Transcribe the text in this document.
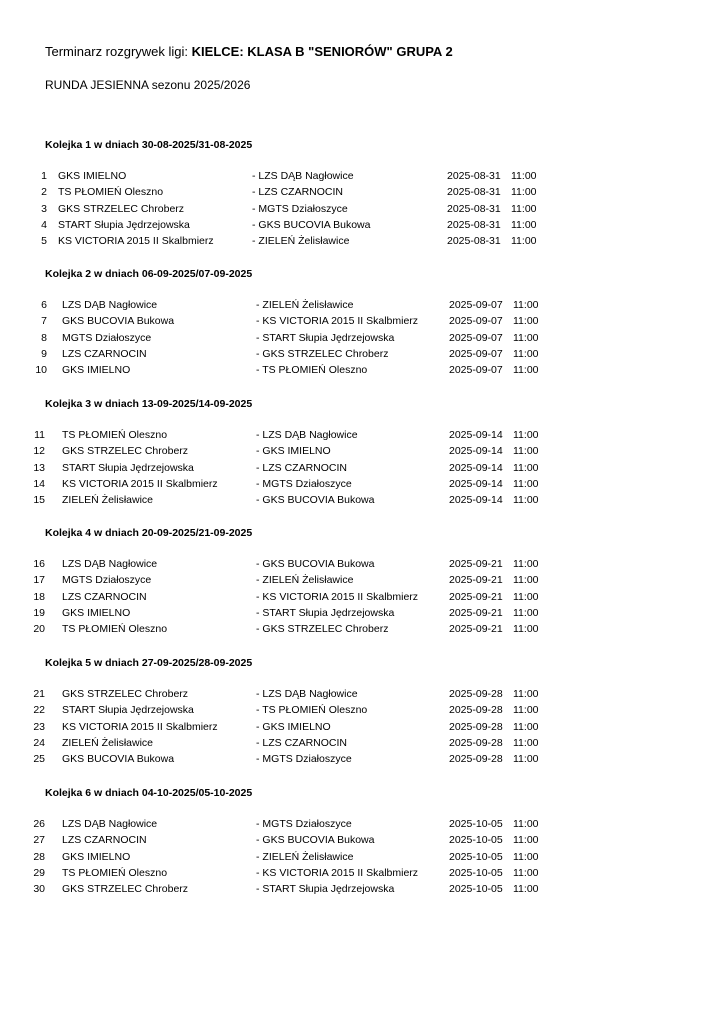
Terminarz rozgrywek ligi: KIELCE: KLASA B "SENIORÓW" GRUPA 2
RUNDA JESIENNA sezonu 2025/2026
Kolejka 1 w dniach 30-08-2025/31-08-2025
1 GKS IMIELNO	- LZS DĄB Nagłowice	2025-08-31 11:00
2 TS PŁOMIEŃ Oleszno	- LZS CZARNOCIN	2025-08-31 11:00
3 GKS STRZELEC Chroberz	- MGTS Działoszyce	2025-08-31 11:00
4 START Słupia Jędrzejowska	- GKS BUCOVIA Bukowa	2025-08-31 11:00
5 KS VICTORIA 2015 II Skalbmierz	- ZIELEŃ Żelisławice	2025-08-31 11:00
Kolejka 2 w dniach 06-09-2025/07-09-2025
6 LZS DĄB Nagłowice	- ZIELEŃ Żelisławice	2025-09-07 11:00
7 GKS BUCOVIA Bukowa	- KS VICTORIA 2015 II Skalbmierz	2025-09-07 11:00
8 MGTS Działoszyce	- START Słupia Jędrzejowska	2025-09-07 11:00
9 LZS CZARNOCIN	- GKS STRZELEC Chroberz	2025-09-07 11:00
10 GKS IMIELNO	- TS PŁOMIEŃ Oleszno	2025-09-07 11:00
Kolejka 3 w dniach 13-09-2025/14-09-2025
11 TS PŁOMIEŃ Oleszno	- LZS DĄB Nagłowice	2025-09-14 11:00
12 GKS STRZELEC Chroberz	- GKS IMIELNO	2025-09-14 11:00
13 START Słupia Jędrzejowska	- LZS CZARNOCIN	2025-09-14 11:00
14 KS VICTORIA 2015 II Skalbmierz	- MGTS Działoszyce	2025-09-14 11:00
15 ZIELEŃ Żelisławice	- GKS BUCOVIA Bukowa	2025-09-14 11:00
Kolejka 4 w dniach 20-09-2025/21-09-2025
16 LZS DĄB Nagłowice	- GKS BUCOVIA Bukowa	2025-09-21 11:00
17 MGTS Działoszyce	- ZIELEŃ Żelisławice	2025-09-21 11:00
18 LZS CZARNOCIN	- KS VICTORIA 2015 II Skalbmierz	2025-09-21 11:00
19 GKS IMIELNO	- START Słupia Jędrzejowska	2025-09-21 11:00
20 TS PŁOMIEŃ Oleszno	- GKS STRZELEC Chroberz	2025-09-21 11:00
Kolejka 5 w dniach 27-09-2025/28-09-2025
21 GKS STRZELEC Chroberz	- LZS DĄB Nagłowice	2025-09-28 11:00
22 START Słupia Jędrzejowska	- TS PŁOMIEŃ Oleszno	2025-09-28 11:00
23 KS VICTORIA 2015 II Skalbmierz	- GKS IMIELNO	2025-09-28 11:00
24 ZIELEŃ Żelisławice	- LZS CZARNOCIN	2025-09-28 11:00
25 GKS BUCOVIA Bukowa	- MGTS Działoszyce	2025-09-28 11:00
Kolejka 6 w dniach 04-10-2025/05-10-2025
26 LZS DĄB Nagłowice	- MGTS Działoszyce	2025-10-05 11:00
27 LZS CZARNOCIN	- GKS BUCOVIA Bukowa	2025-10-05 11:00
28 GKS IMIELNO	- ZIELEŃ Żelisławice	2025-10-05 11:00
29 TS PŁOMIEŃ Oleszno	- KS VICTORIA 2015 II Skalbmierz	2025-10-05 11:00
30 GKS STRZELEC Chroberz	- START Słupia Jędrzejowska	2025-10-05 11:00
